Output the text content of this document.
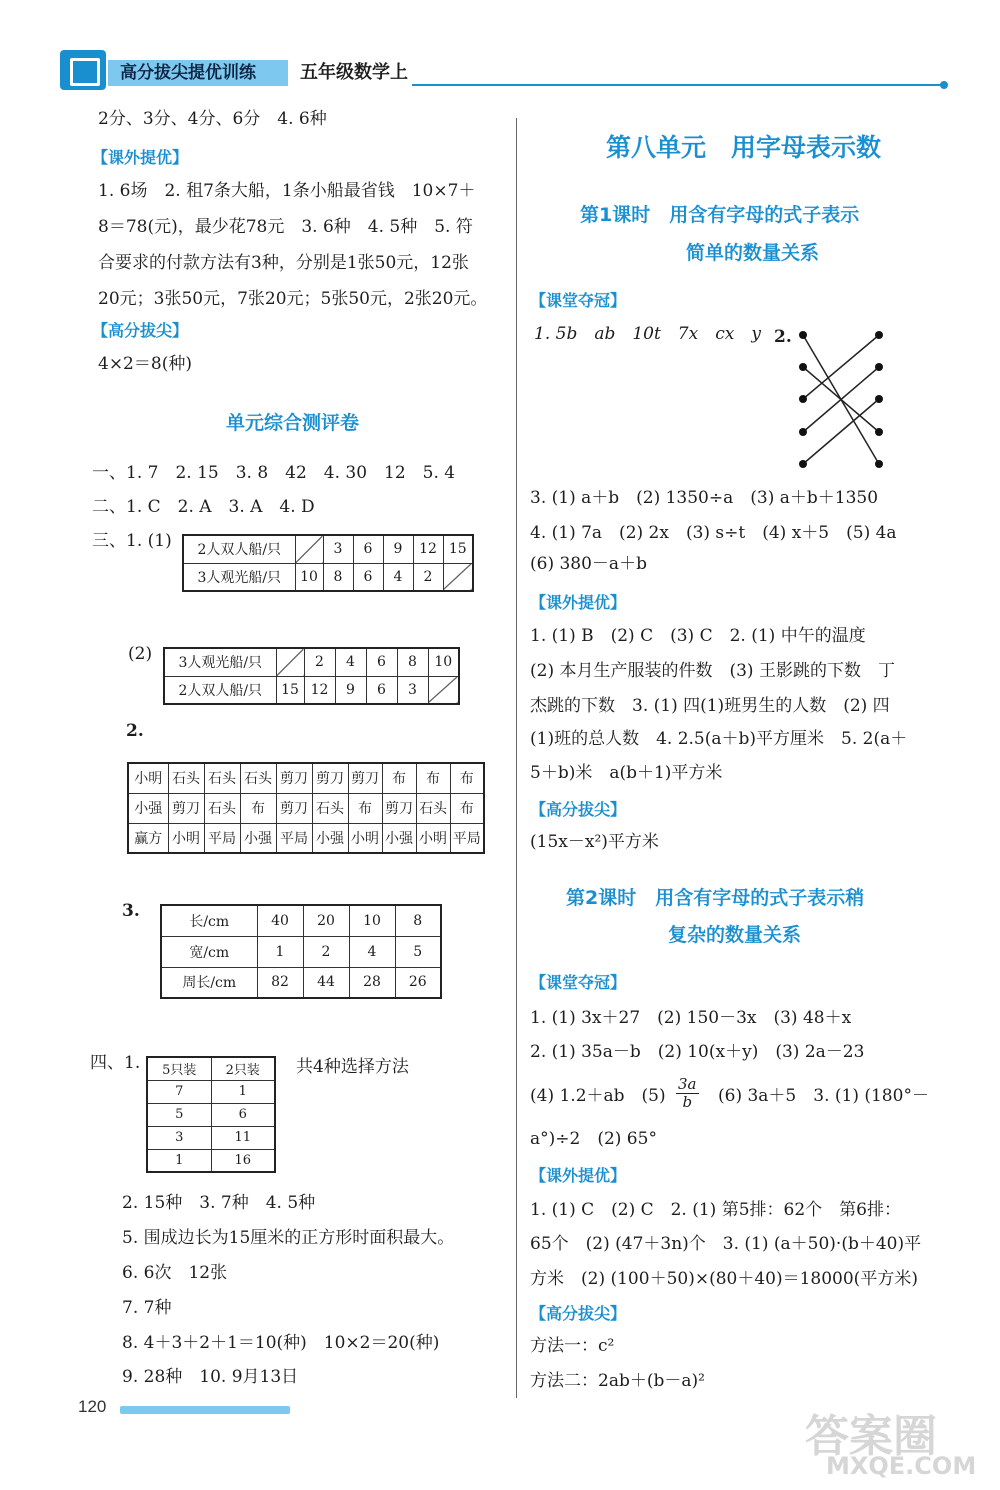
高分拔尖提优训练	五年级数学上
2分、3分、4分、6分　4. 6种
【课外提优】
1. 6场　2. 租7条大船，1条小船最省钱　10×7＋
8＝78(元)，最少花78元　3. 6种　4. 5种　5. 符
合要求的付款方法有3种，分别是1张50元，12张
20元；3张50元，7张20元；5张50元，2张20元。
【高分拔尖】
4×2＝8(种)
单元综合测评卷
一、1. 7　2. 15　3. 8　42　4. 30　12　5. 4
二、1. C　2. A　3. A　4. D
三、1. (1) 2人双人船/只		3	6	9	12	15
3人观光船/只	10	8	6	4	2	
(2) 3人观光船/只		2	4	6	8	10
2人双人船/只	15	12	9	6	3	
2.
小明	石头	石头	石头	剪刀	剪刀	剪刀	布	布	布
小强	剪刀	石头	布	剪刀	石头	布	剪刀	石头	布
赢方	小明	平局	小强	平局	小强	小明	小强	小明	平局
3.
长/cm	40	20	10	8
宽/cm	1	2	4	5
周长/cm	82	44	28	26
四、1. 5只装	2只装
7	1
5	6
3	11
1	16
共4种选择方法
2. 15种　3. 7种　4. 5种
5. 围成边长为15厘米的正方形时面积最大。
6. 6次　12张
7. 7种
8. 4＋3＋2＋1＝10(种)　10×2＝20(种)
9. 28种　10. 9月13日
第八单元　用字母表示数
第1课时　用含有字母的式子表示
简单的数量关系
【课堂夺冠】
1. 5b　ab　10t　7x　cx　y 2.
3. (1) a＋b　(2) 1350÷a　(3) a＋b＋1350
4. (1) 7a　(2) 2x　(3) s÷t　(4) x＋5　(5) 4a
(6) 380－a＋b
【课外提优】
1. (1) B　(2) C　(3) C　2. (1) 中午的温度
(2) 本月生产服装的件数　(3) 王影跳的下数　丁
杰跳的下数　3. (1) 四(1)班男生的人数　(2) 四
(1)班的总人数　4. 2.5(a＋b)平方厘米　5. 2(a＋
5＋b)米　a(b＋1)平方米
【高分拔尖】
(15x－x²)平方米
第2课时　用含有字母的式子表示稍
复杂的数量关系
【课堂夺冠】
1. (1) 3x＋27　(2) 150－3x　(3) 48＋x
2. (1) 35a－b　(2) 10(x＋y)　(3) 2a－23
(4) 1.2＋ab　$(5) \frac{3a}{b} (6)$ 3a＋5　3. (1) (180°－
a°)÷2　(2) 65°
【课外提优】
1. (1) C　(2) C　2. (1) 第5排：62个　第6排：
65个　(2) (47＋3n)个　3. (1) (a＋50)·(b＋40)平
方米　(2) (100＋50)×(80＋40)＝18000(平方米)
【高分拔尖】
方法一：c²
方法二：2ab＋(b－a)²
120
答案圈
MXQE.COM
